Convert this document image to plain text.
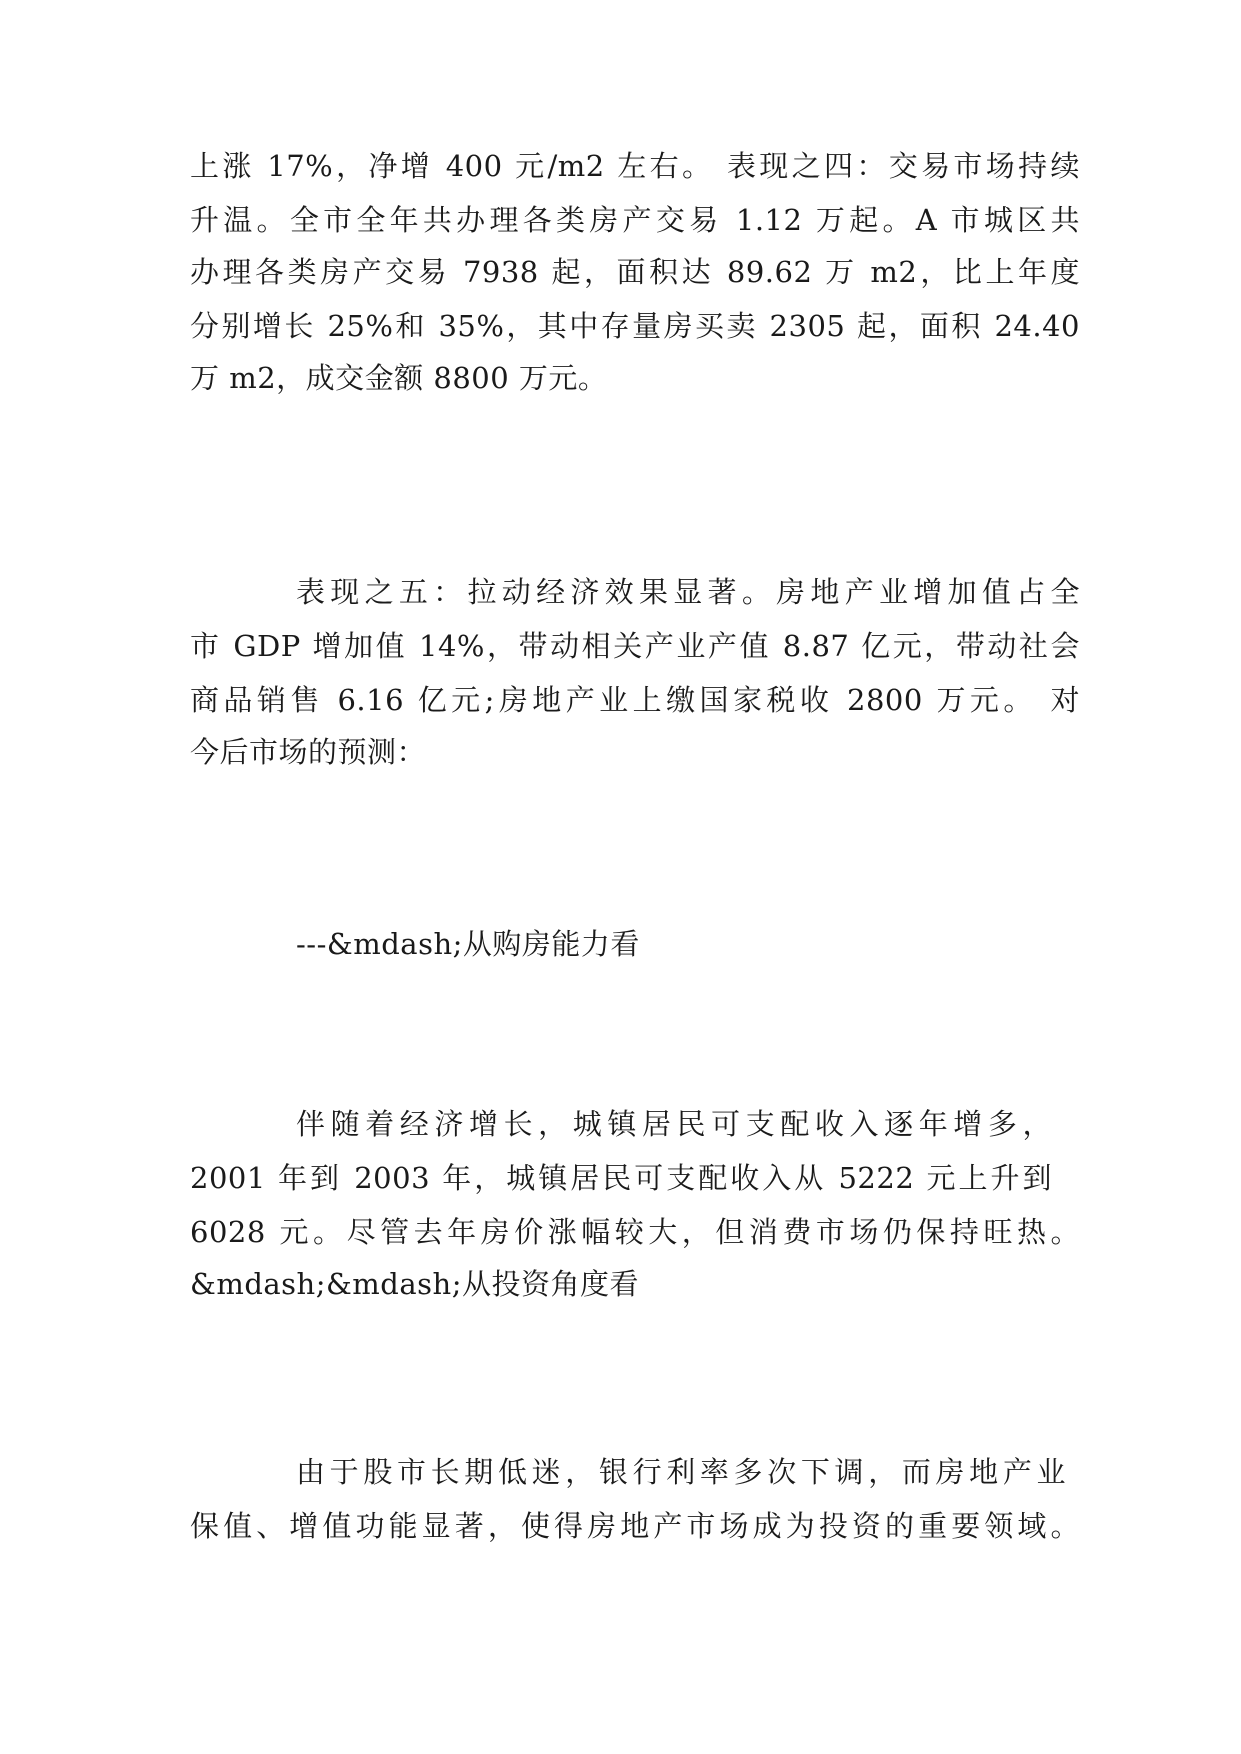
上涨 17%，净增 400 元/m2 左右。 表现之四：交易市场持续
升温。全市全年共办理各类房产交易 1.12 万起。A 市城区共
办理各类房产交易 7938 起，面积达 89.62 万 m2，比上年度
分别增长 25%和 35%，其中存量房买卖 2305 起，面积 24.40
万 m2，成交金额 8800 万元。
表现之五：拉动经济效果显著。房地产业增加值占全
市 GDP 增加值 14%，带动相关产业产值 8.87 亿元，带动社会
商品销售 6.16 亿元;房地产业上缴国家税收 2800 万元。 对
今后市场的预测：
---&mdash;从购房能力看
伴随着经济增长，城镇居民可支配收入逐年增多，
2001 年到 2003 年，城镇居民可支配收入从 5222 元上升到
6028 元。尽管去年房价涨幅较大，但消费市场仍保持旺热。
&mdash;&mdash;从投资角度看
由于股市长期低迷，银行利率多次下调，而房地产业
保值、增值功能显著，使得房地产市场成为投资的重要领域。
